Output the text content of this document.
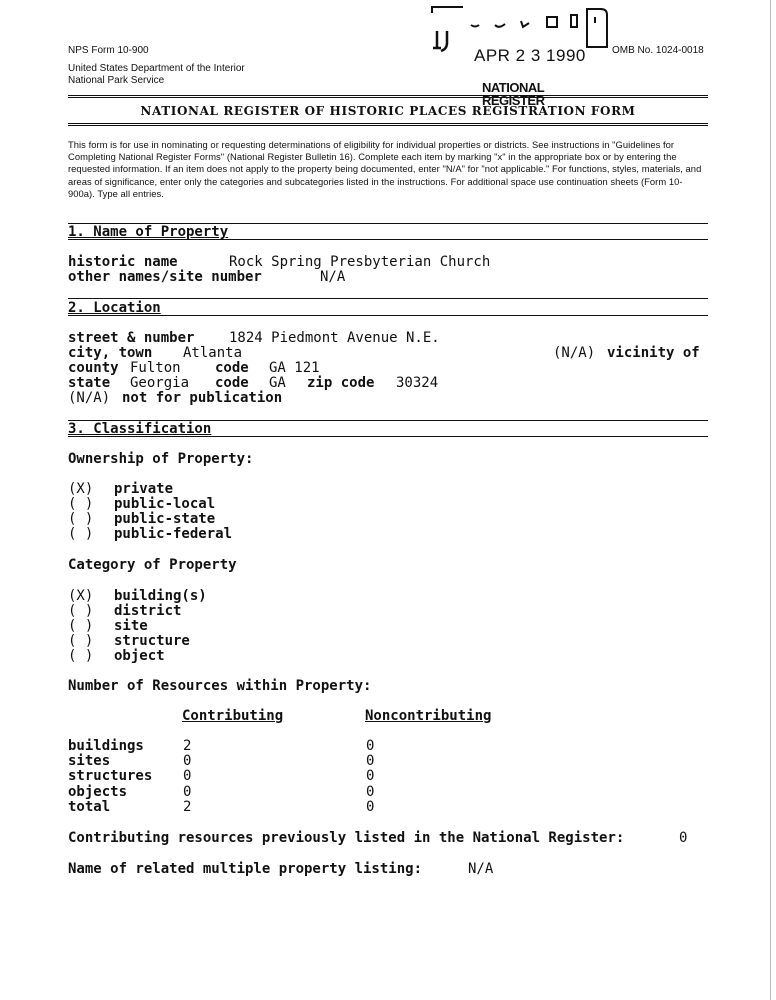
NPS Form 10-900
United States Department of the Interior
National Park Service
OMB No. 1024-0018
APR 2 3 1990
NATIONAL
REGISTER
NATIONAL REGISTER OF HISTORIC PLACES REGISTRATION FORM
This form is for use in nominating or requesting determinations of eligibility for individual properties or districts. See instructions in "Guidelines for Completing National Register Forms" (National Register Bulletin 16). Complete each item by marking "x" in the appropriate box or by entering the requested information. If an item does not apply to the property being documented, enter "N/A" for "not applicable." For functions, styles, materials, and areas of significance, enter only the categories and subcategories listed in the instructions. For additional space use continuation sheets (Form 10-900a). Type all entries.
1. Name of Property
historic name	Rock Spring Presbyterian Church
other names/site number	N/A
2. Location
street & number 1824 Piedmont Avenue N.E.
city, town Atlanta	(N/A) vicinity of
county Fulton code GA 121
state Georgia code GA zip code 30324
(N/A) not for publication
3. Classification
Ownership of Property:
(X) private
( ) public-local
( ) public-state
( ) public-federal
Category of Property
(X) building(s)
( ) district
( ) site
( ) structure
( ) object
Number of Resources within Property:
Contributing	Noncontributing
buildings	2	0
sites	0	0
structures 0	0
objects	0	0
total	2	0
Contributing resources previously listed in the National Register:	0
Name of related multiple property listing:	N/A
